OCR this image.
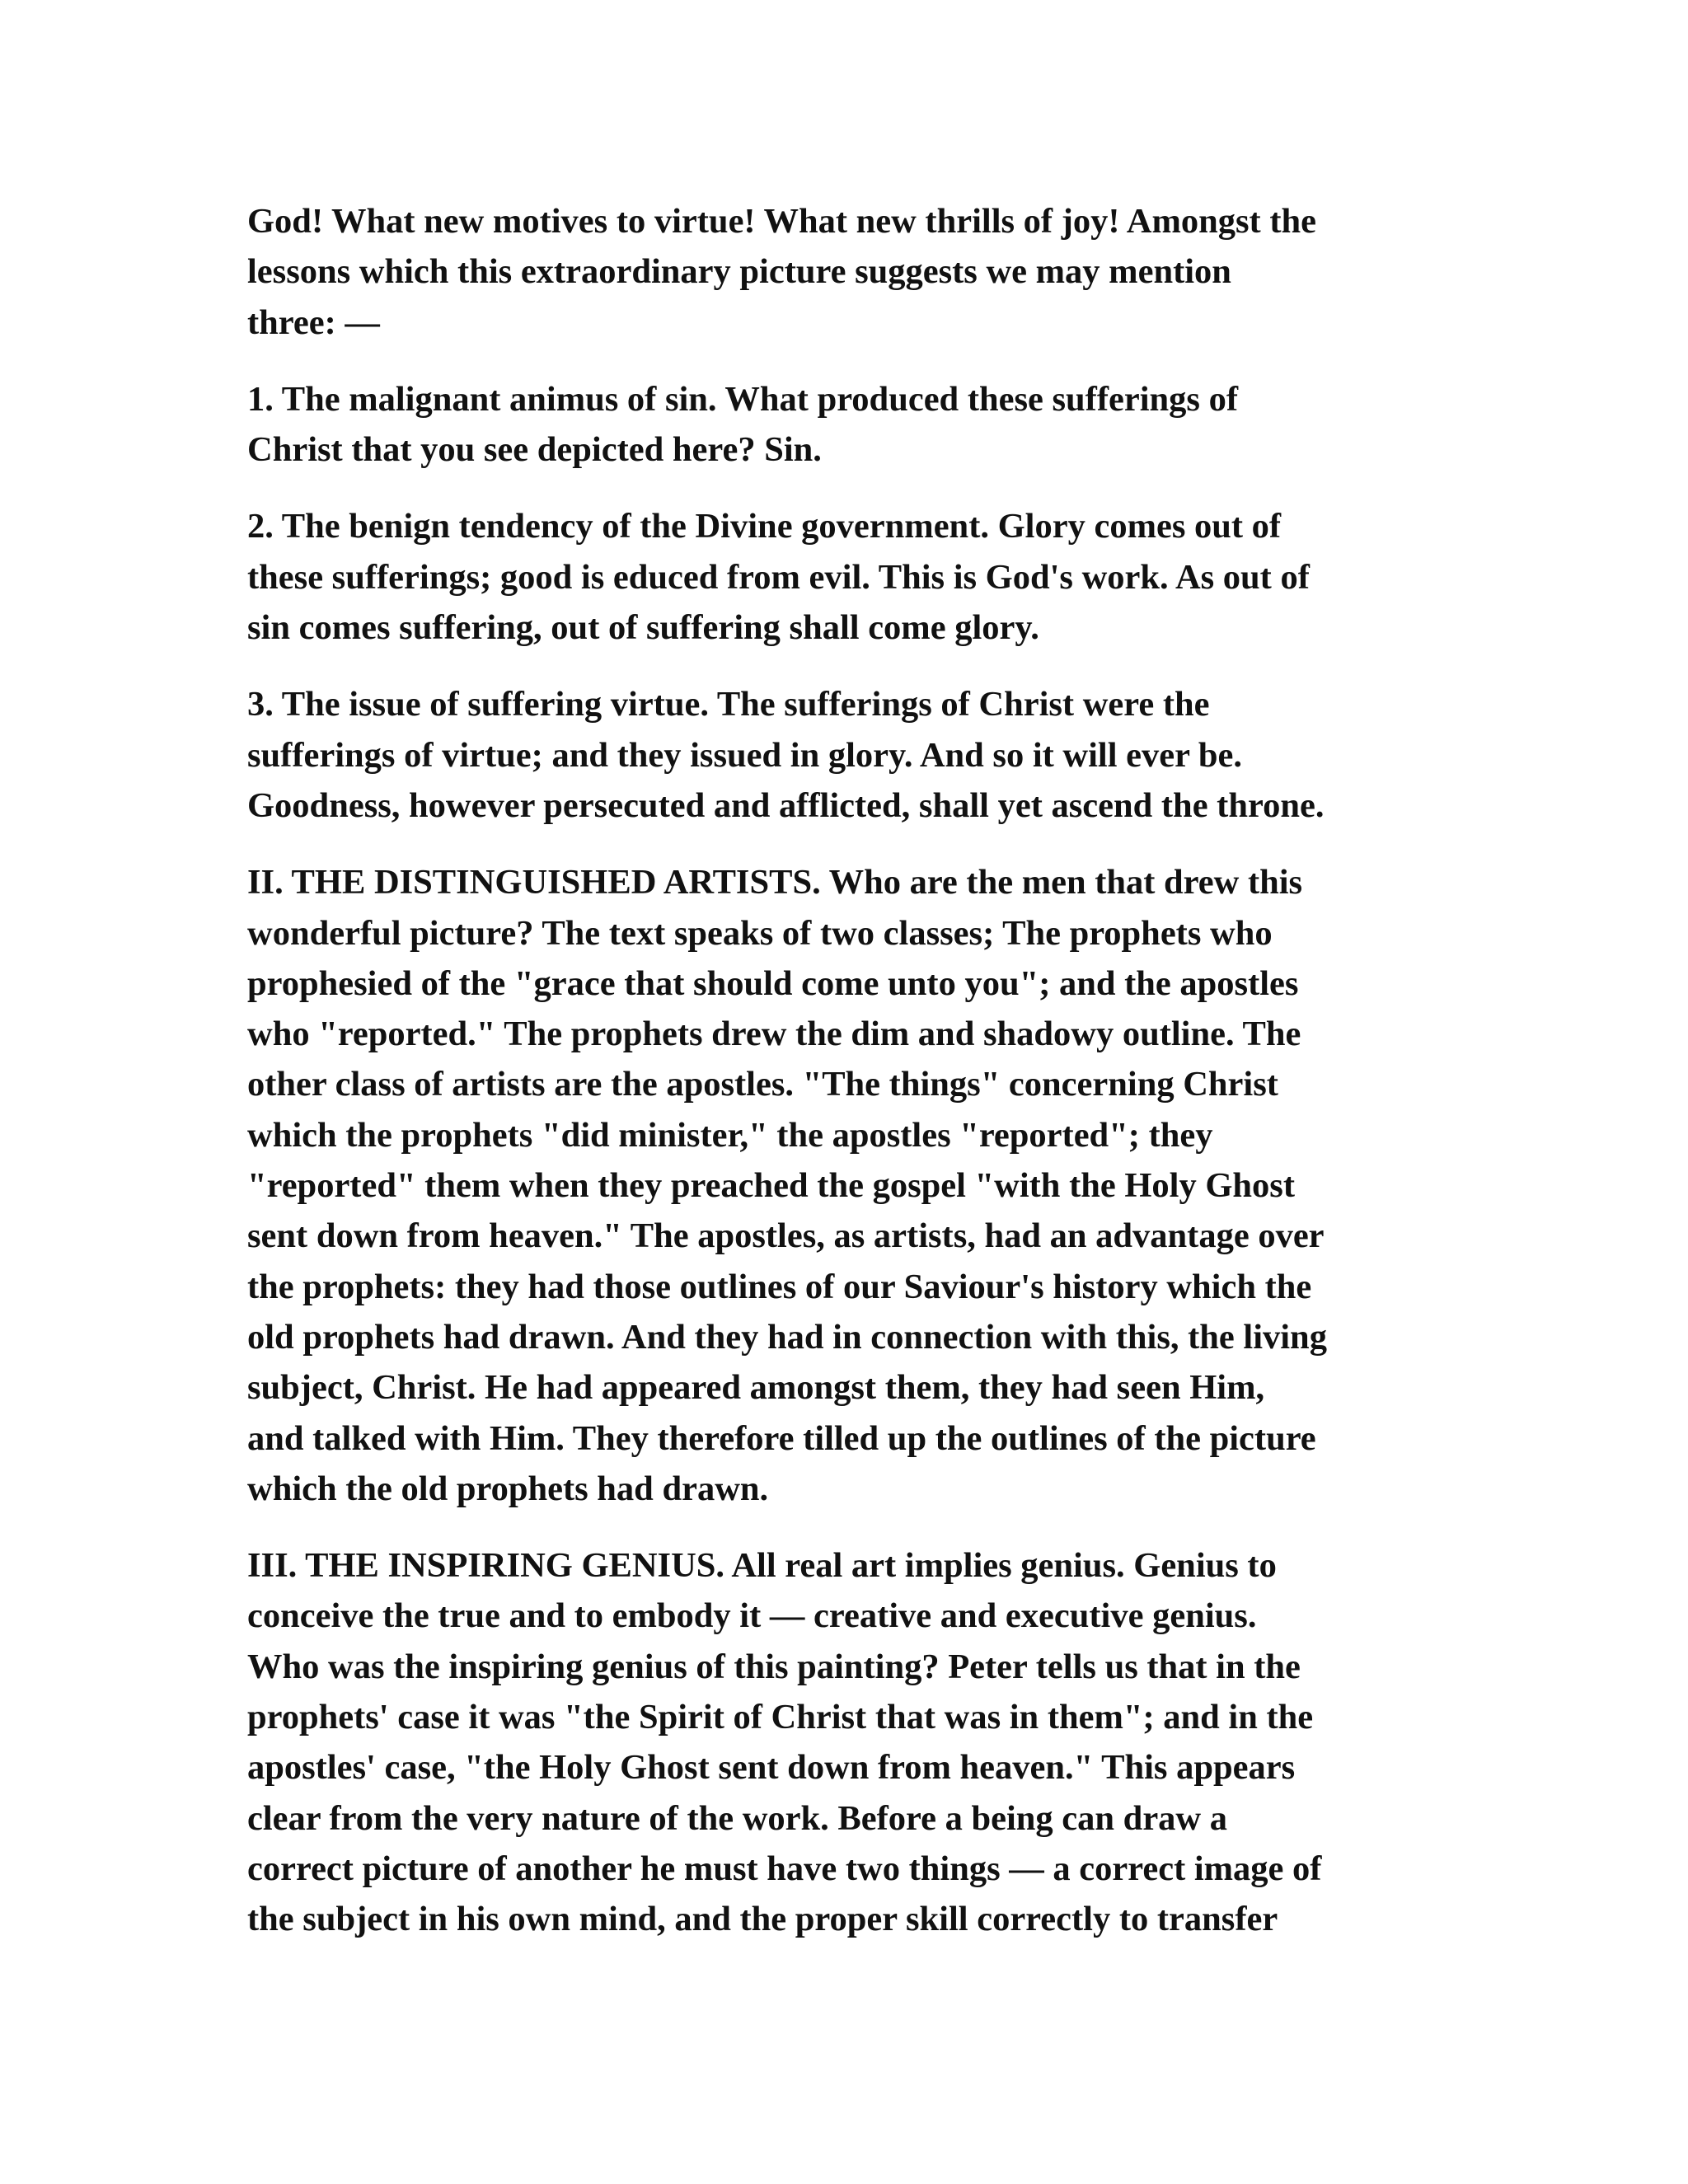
God! What new motives to virtue! What new thrills of joy! Amongst the
lessons which this extraordinary picture suggests we may mention
three: —

1. The malignant animus of sin. What produced these sufferings of
Christ that you see depicted here? Sin.

2. The benign tendency of the Divine government. Glory comes out of
these sufferings; good is educed from evil. This is God's work. As out of
sin comes suffering, out of suffering shall come glory.

3. The issue of suffering virtue. The sufferings of Christ were the
sufferings of virtue; and they issued in glory. And so it will ever be.
Goodness, however persecuted and afflicted, shall yet ascend the throne.

II. THE DISTINGUISHED ARTISTS. Who are the men that drew this
wonderful picture? The text speaks of two classes; The prophets who
prophesied of the "grace that should come unto you"; and the apostles
who "reported." The prophets drew the dim and shadowy outline. The
other class of artists are the apostles. "The things" concerning Christ
which the prophets "did minister," the apostles "reported"; they
"reported" them when they preached the gospel "with the Holy Ghost
sent down from heaven." The apostles, as artists, had an advantage over
the prophets: they had those outlines of our Saviour's history which the
old prophets had drawn. And they had in connection with this, the living
subject, Christ. He had appeared amongst them, they had seen Him,
and talked with Him. They therefore tilled up the outlines of the picture
which the old prophets had drawn.

III. THE INSPIRING GENIUS. All real art implies genius. Genius to
conceive the true and to embody it — creative and executive genius.
Who was the inspiring genius of this painting? Peter tells us that in the
prophets' case it was "the Spirit of Christ that was in them"; and in the
apostles' case, "the Holy Ghost sent down from heaven." This appears
clear from the very nature of the work. Before a being can draw a
correct picture of another he must have two things — a correct image of
the subject in his own mind, and the proper skill correctly to transfer
